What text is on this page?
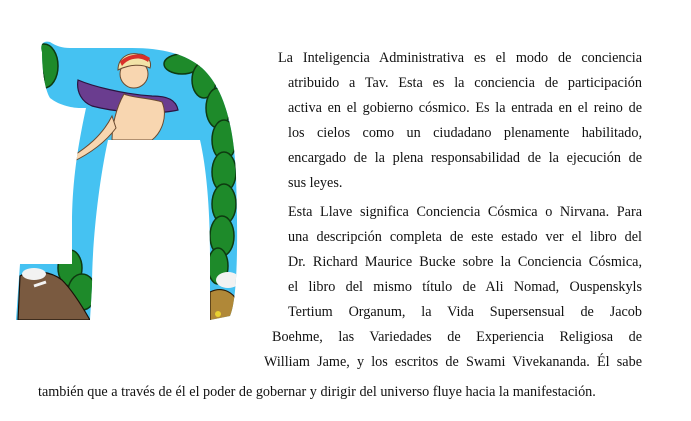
La Inteligencia Administrativa es el modo de conciencia
atribuido a Tav. Esta es la conciencia de participación
activa en el gobierno cósmico. Es la entrada en el reino de
los cielos como un ciudadano plenamente habilitado,
encargado de la plena responsabilidad de la ejecución de
sus leyes.
Esta Llave significa Conciencia Cósmica o Nirvana. Para
una descripción completa de este estado ver el libro del
Dr. Richard Maurice Bucke sobre la Conciencia Cósmica,
el libro del mismo título de Ali Nomad, Ouspenskyls
Tertium Organum, la Vida Supersensual de Jacob
Boehme, las Variedades de Experiencia Religiosa de
William Jame, y los escritos de Swami Vivekananda. Él sabe
también que a través de él el poder de gobernar y dirigir del universo fluye hacia la manifestación.
